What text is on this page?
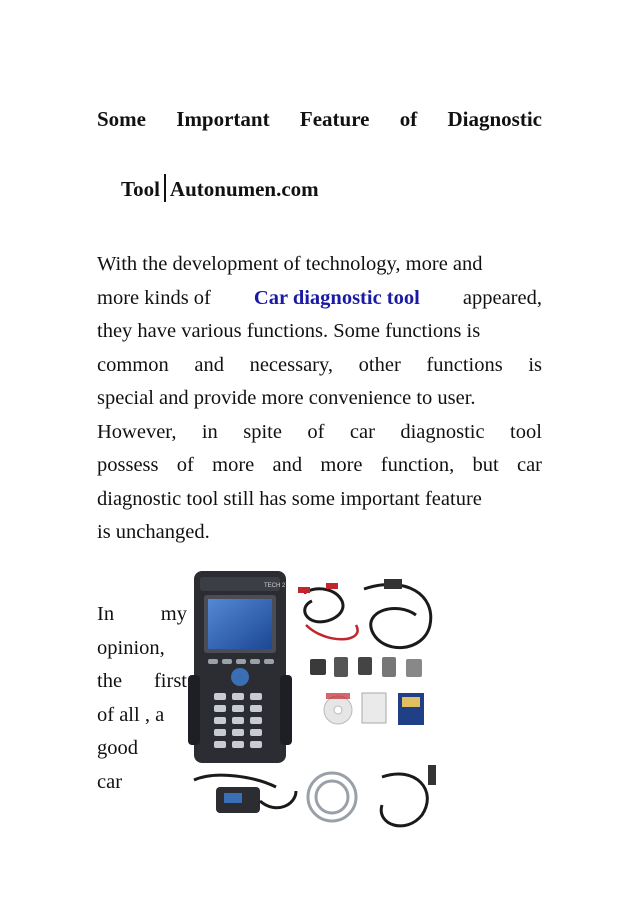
Some Important Feature of Diagnostic
Tool Autonumen.com
With the development of technology, more and
more kinds of Car diagnostic tool appeared,
they have various functions. Some functions is
common and necessary, other functions is
special and provide more convenience to user.
However, in spite of car diagnostic tool
possess of more and more function, but car
diagnostic tool still has some important feature
is unchanged.
In my
opinion,
the first
of all , a
good
car
TECH 2
